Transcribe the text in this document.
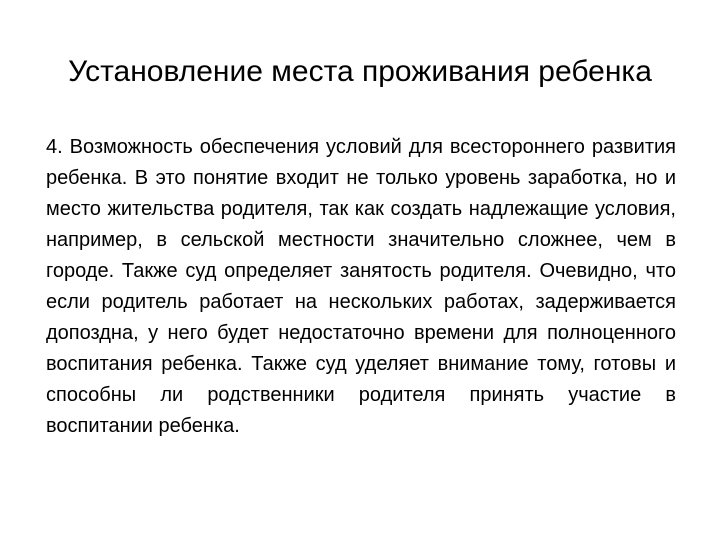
Установление места проживания ребенка

4. Возможность обеспечения условий для всестороннего развития ребенка. В это понятие входит не только уровень заработка, но и место жительства родителя, так как создать надлежащие условия, например, в сельской местности значительно сложнее, чем в городе. Также суд определяет занятость родителя. Очевидно, что если родитель работает на нескольких работах, задерживается допоздна, у него будет недостаточно времени для полноценного воспитания ребенка. Также суд уделяет внимание тому, готовы и способны ли родственники родителя принять участие в воспитании ребенка.
